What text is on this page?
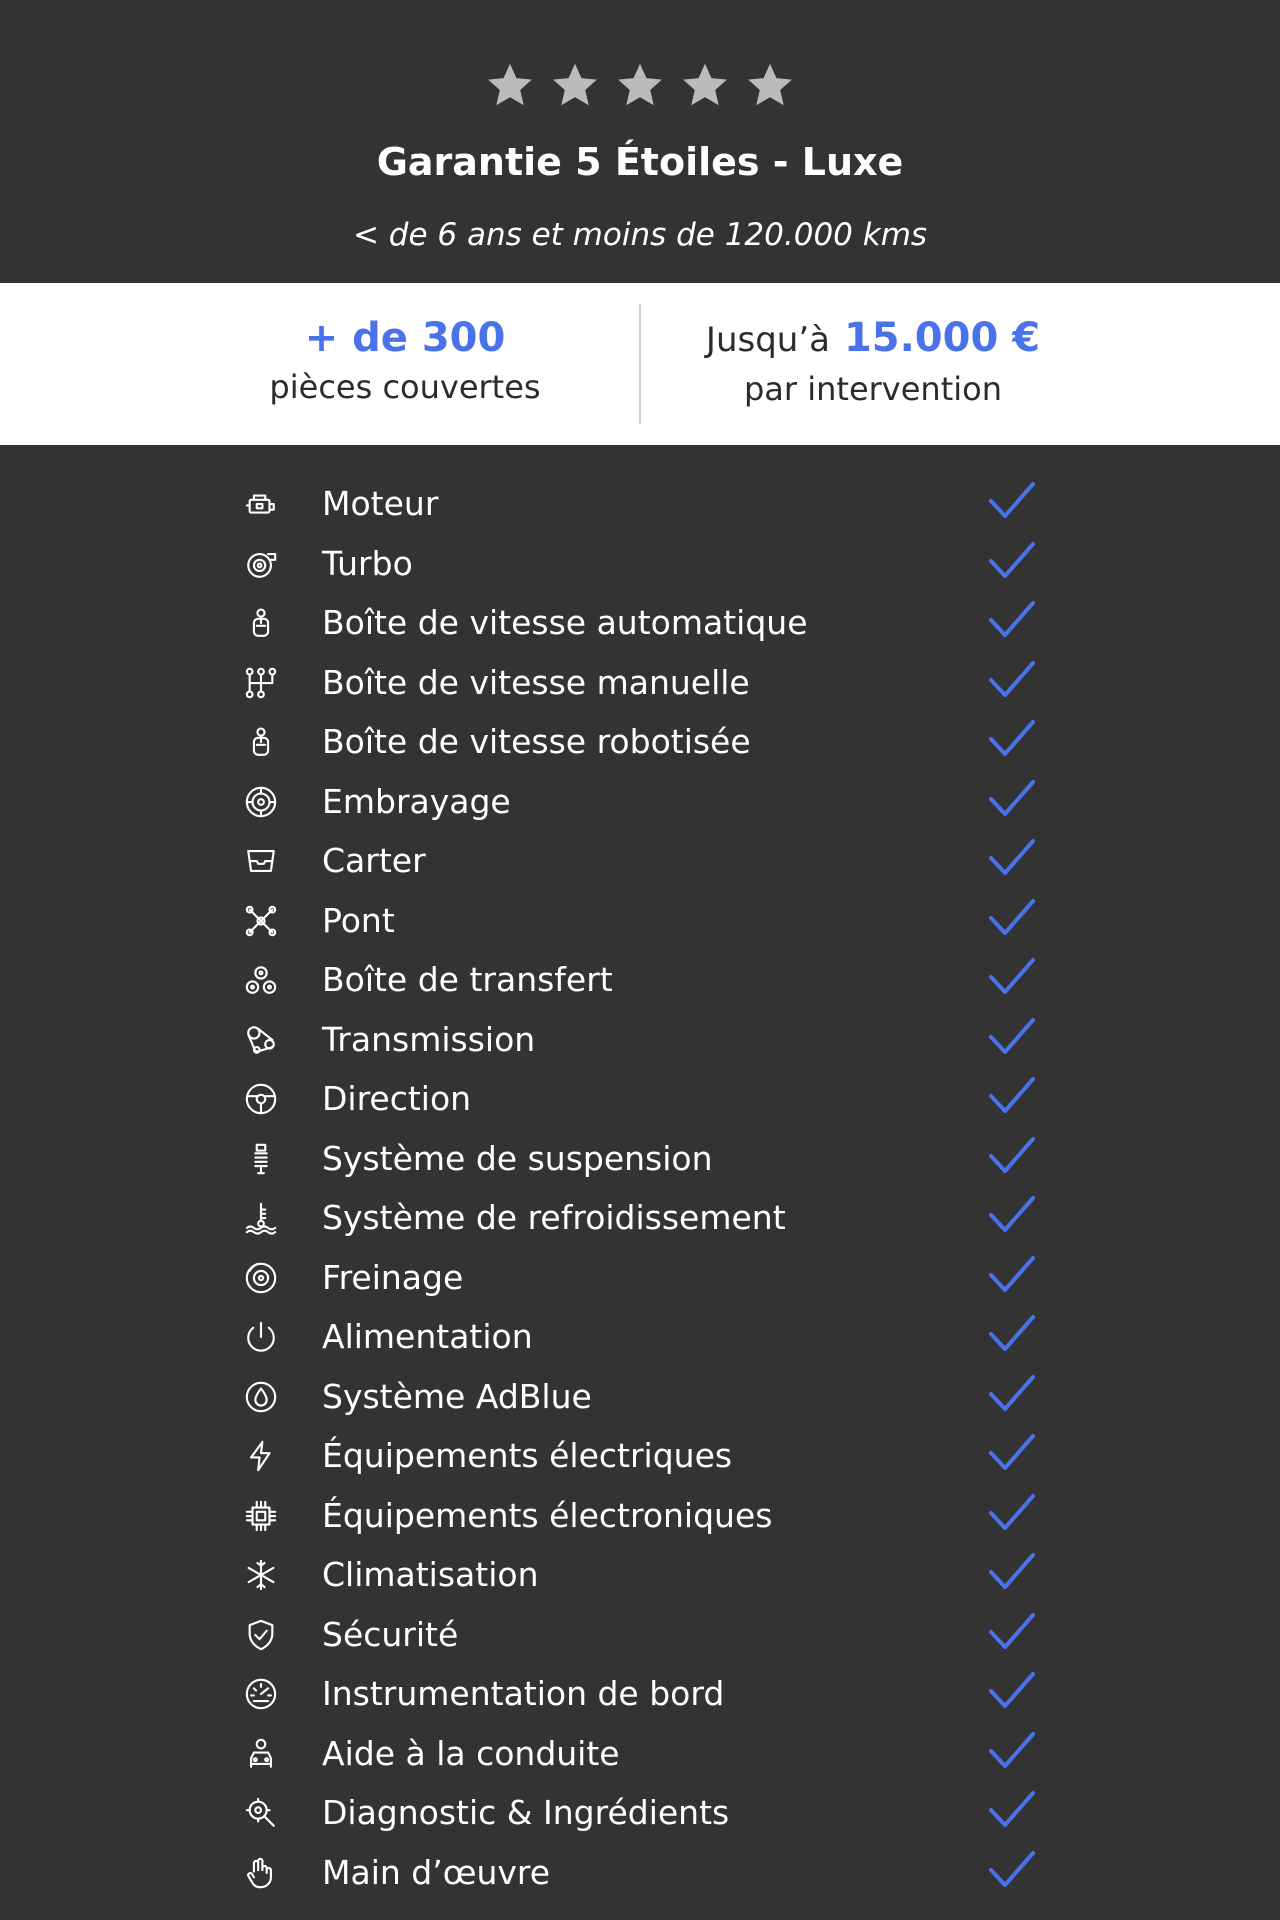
Garantie 5 Étoiles - Luxe
< de 6 ans et moins de 120.000 kms
+ de 300
pièces couvertes
Jusqu’à 15.000 €
par intervention
Moteur
Turbo
Boîte de vitesse automatique
Boîte de vitesse manuelle
Boîte de vitesse robotisée
Embrayage
Carter
Pont
Boîte de transfert
Transmission
Direction
Système de suspension
Système de refroidissement
Freinage
Alimentation
Système AdBlue
Équipements électriques
Équipements électroniques
Climatisation
Sécurité
Instrumentation de bord
Aide à la conduite
Diagnostic & Ingrédients
Main d’œuvre
